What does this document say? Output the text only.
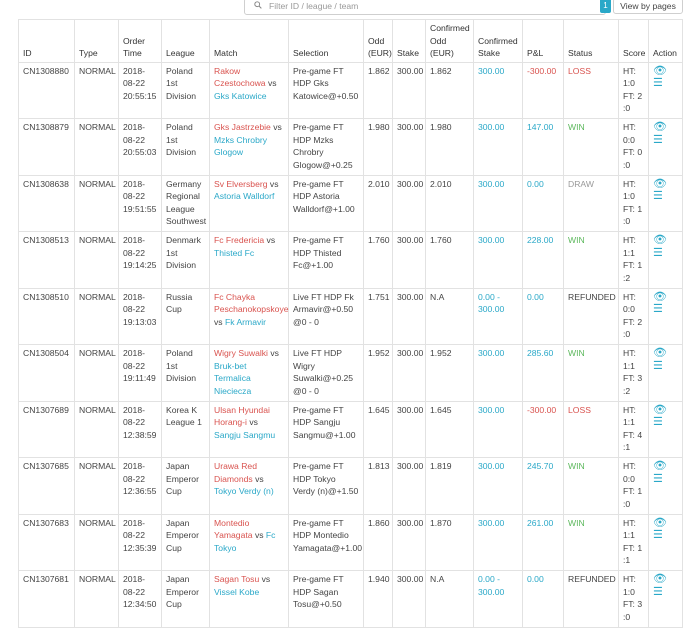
Filter ID / league / team
1	View by pages
ID	Type	Order Time	League	Match	Selection	Odd (EUR)	Stake	Confirmed Odd (EUR)	Confirmed Stake	P&L	Status	Score	Action
CN1308880	NORMAL	2018-08-22 20:55:15	Poland 1st Division	Rakow Czestochowa vs Gks Katowice	Pre-game FT HDP Gks Katowice@+0.50	1.862	300.00	1.862	300.00	-300.00	LOSS	HT: 1:0 FT: 2 :0	👁☰
CN1308879	NORMAL	2018-08-22 20:55:03	Poland 1st Division	Gks Jastrzebie vs Mzks Chrobry Glogow	Pre-game FT HDP Mzks Chrobry Glogow@+0.25	1.980	300.00	1.980	300.00	147.00	WIN	HT: 0:0 FT: 0 :0	👁☰
CN1308638	NORMAL	2018-08-22 19:51:55	Germany Regional League Southwest	Sv Elversberg vs Astoria Walldorf	Pre-game FT HDP Astoria Walldorf@+1.00	2.010	300.00	2.010	300.00	0.00	DRAW	HT: 1:0 FT: 1 :0	👁☰
CN1308513	NORMAL	2018-08-22 19:14:25	Denmark 1st Division	Fc Fredericia vs Thisted Fc	Pre-game FT HDP Thisted Fc@+1.00	1.760	300.00	1.760	300.00	228.00	WIN	HT: 1:1 FT: 1 :2	👁☰
CN1308510	NORMAL	2018-08-22 19:13:03	Russia Cup	Fc Chayka Peschanokopskoye vs Fk Armavir	Live FT HDP Fk Armavir@+0.50 @0 - 0	1.751	300.00	N.A	0.00 - 300.00	0.00	REFUNDED	HT: 0:0 FT: 2 :0	👁☰
CN1308504	NORMAL	2018-08-22 19:11:49	Poland 1st Division	Wigry Suwalki vs Bruk-bet Termalica Nieciecza	Live FT HDP Wigry Suwalki@+0.25 @0 - 0	1.952	300.00	1.952	300.00	285.60	WIN	HT: 1:1 FT: 3 :2	👁☰
CN1307689	NORMAL	2018-08-22 12:38:59	Korea K League 1	Ulsan Hyundai Horang-i vs Sangju Sangmu	Pre-game FT HDP Sangju Sangmu@+1.00	1.645	300.00	1.645	300.00	-300.00	LOSS	HT: 1:1 FT: 4 :1	👁☰
CN1307685	NORMAL	2018-08-22 12:36:55	Japan Emperor Cup	Urawa Red Diamonds vs Tokyo Verdy (n)	Pre-game FT HDP Tokyo Verdy (n)@+1.50	1.813	300.00	1.819	300.00	245.70	WIN	HT: 0:0 FT: 1 :0	👁☰
CN1307683	NORMAL	2018-08-22 12:35:39	Japan Emperor Cup	Montedio Yamagata vs Fc Tokyo	Pre-game FT HDP Montedio Yamagata@+1.00	1.860	300.00	1.870	300.00	261.00	WIN	HT: 1:1 FT: 1 :1	👁☰
CN1307681	NORMAL	2018-08-22 12:34:50	Japan Emperor Cup	Sagan Tosu vs Vissel Kobe	Pre-game FT HDP Sagan Tosu@+0.50	1.940	300.00	N.A	0.00 - 300.00	0.00	REFUNDED	HT: 1:0 FT: 3 :0	👁☰
